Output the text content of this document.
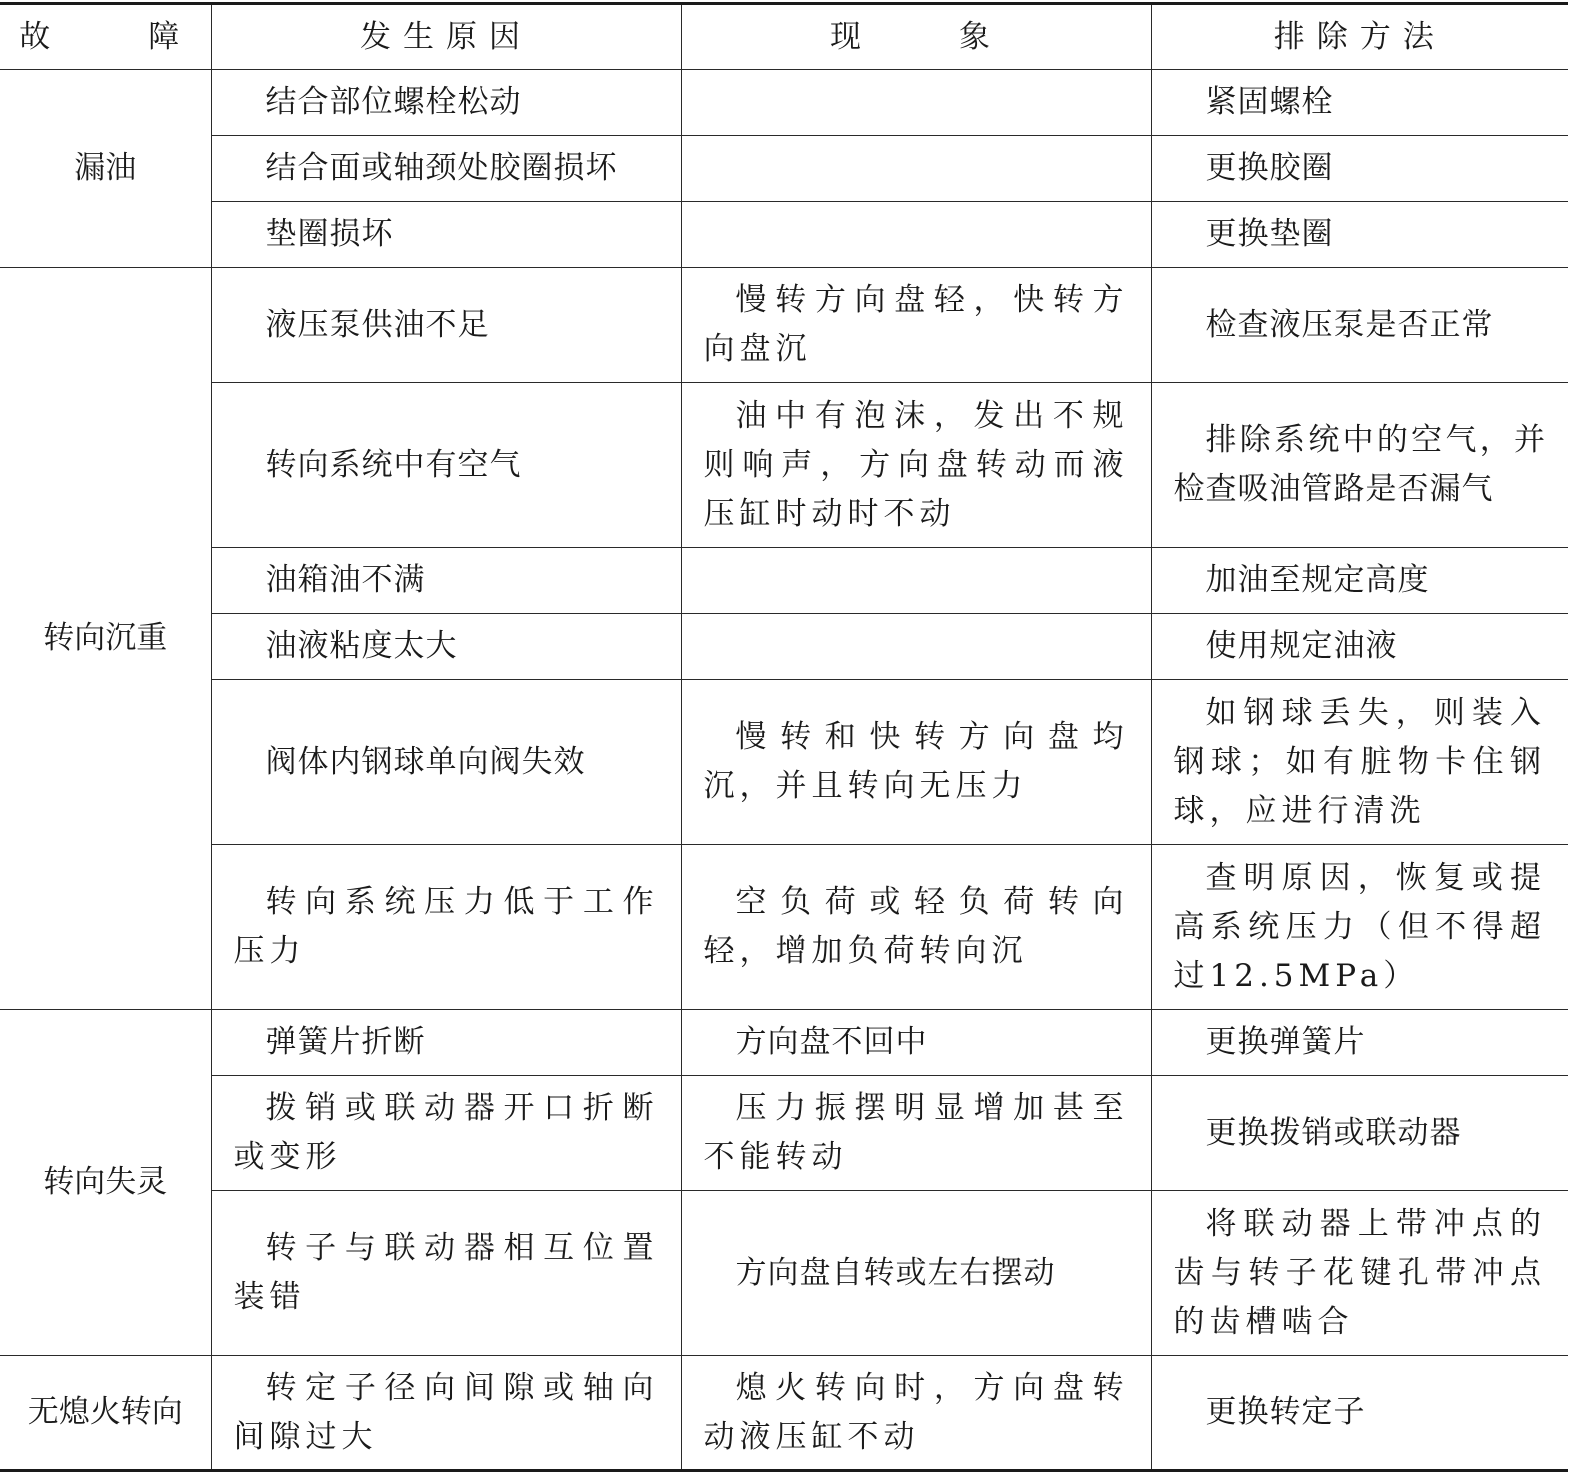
故　　障	发生原因	现　　象	排除方法
漏油	结合部位螺栓松动		紧固螺栓
	结合面或轴颈处胶圈损坏		更换胶圈
	垫圈损坏		更换垫圈
转向沉重	液压泵供油不足	慢转方向盘轻，快转方向盘沉	检查液压泵是否正常
	转向系统中有空气	油中有泡沫，发出不规则响声，方向盘转动而液压缸时动时不动	排除系统中的空气，并检查吸油管路是否漏气
	油箱油不满		加油至规定高度
	油液粘度太大		使用规定油液
	阀体内钢球单向阀失效	慢转和快转方向盘均沉，并且转向无压力	如钢球丢失，则装入钢球；如有脏物卡住钢球，应进行清洗
	转向系统压力低于工作压力	空负荷或轻负荷转向轻，增加负荷转向沉	查明原因，恢复或提高系统压力（但不得超过12.5MPa）
转向失灵	弹簧片折断	方向盘不回中	更换弹簧片
	拨销或联动器开口折断或变形	压力振摆明显增加甚至不能转动	更换拨销或联动器
	转子与联动器相互位置装错	方向盘自转或左右摆动	将联动器上带冲点的齿与转子花键孔带冲点的齿槽啮合
无熄火转向	转定子径向间隙或轴向间隙过大	熄火转向时，方向盘转动液压缸不动	更换转定子
